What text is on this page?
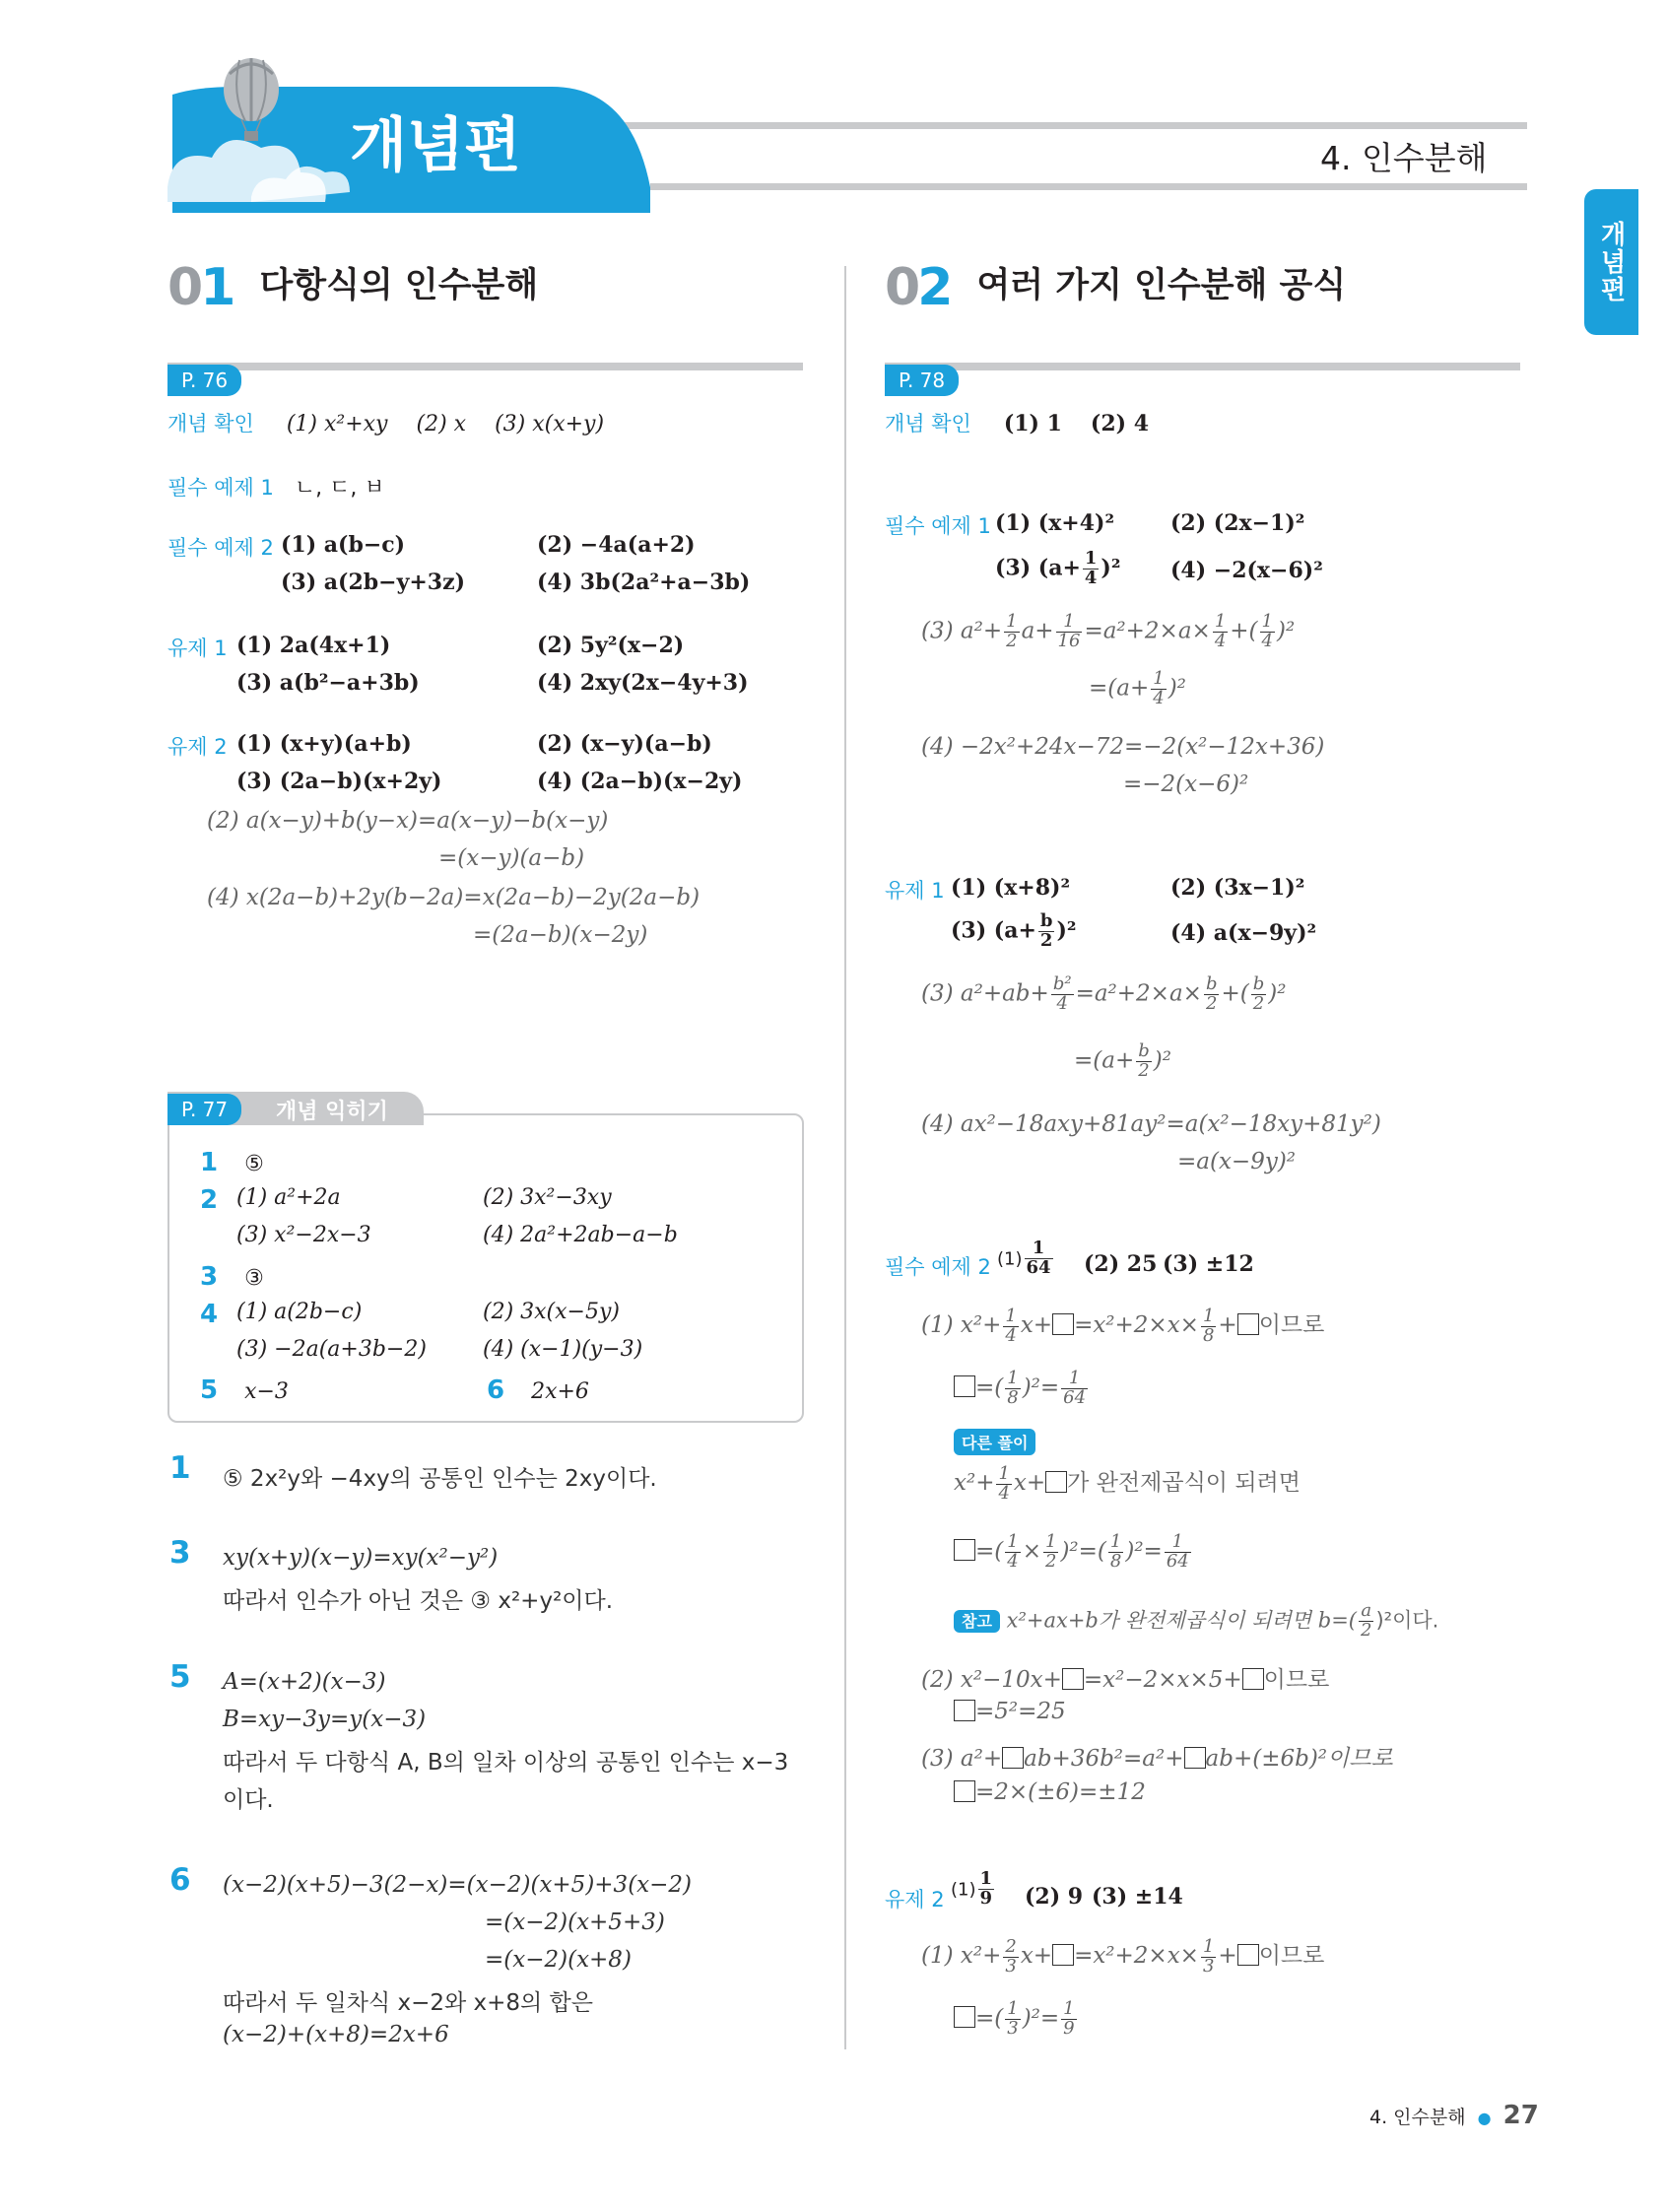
개념편	4. 인수분해
개념편
01 다항식의 인수분해
P. 76
개념 확인 (1) x²+xy (2) x (3) x(x+y)
필수 예제 1 ㄴ, ㄷ, ㅂ
필수 예제 2 (1) a(b−c)	(2) −4a(a+2)
(3) a(2b−y+3z)	(4) 3b(2a²+a−3b)
유제 1 (1) 2a(4x+1)	(2) 5y²(x−2)
(3) a(b²−a+3b)	(4) 2xy(2x−4y+3)
유제 2 (1) (x+y)(a+b)	(2) (x−y)(a−b)
(3) (2a−b)(x+2y)	(4) (2a−b)(x−2y)
(2) a(x−y)+b(y−x)=a(x−y)−b(x−y)
=(x−y)(a−b)
(4) x(2a−b)+2y(b−2a)=x(2a−b)−2y(2a−b)
=(2a−b)(x−2y)
P. 77	개념 익히기
1 ⑤
2 (1) a²+2a	(2) 3x²−3xy
(3) x²−2x−3	(4) 2a²+2ab−a−b
3 ③
4 (1) a(2b−c)	(2) 3x(x−5y)
(3) −2a(a+3b−2)	(4) (x−1)(y−3)
5 x−3	6 2x+6
1 ⑤ 2x²y와 −4xy의 공통인 인수는 2xy이다.
3 xy(x+y)(x−y)=xy(x²−y²)
따라서 인수가 아닌 것은 ③ x²+y²이다.
5 A=(x+2)(x−3)
B=xy−3y=y(x−3)
따라서 두 다항식 A, B의 일차 이상의 공통인 인수는 x−3
이다.
6 (x−2)(x+5)−3(2−x)=(x−2)(x+5)+3(x−2)
=(x−2)(x+5+3)
=(x−2)(x+8)
따라서 두 일차식 x−2와 x+8의 합은
(x−2)+(x+8)=2x+6
02 여러 가지 인수분해 공식
P. 78
개념 확인 (1) 1 (2) 4
필수 예제 1 (1) (x+4)²	(2) (2x−1)²
(3) $(a+ \frac{1}{4} )^2$ (4) −2(x−6)²
(3) $a^2+ \frac{1}{2} a+ \frac{1}{16} =a^2+2\times a\times \frac{1}{4}$ +( $\frac{1}{4} )^2$
$=(a+ \frac{1}{4} )^2$
(4) −2x²+24x−72=−2(x²−12x+36)
=−2(x−6)²
유제 1 (1) (x+8)²	(2) (3x−1)²
(3) $(a+ \frac{b}{2} )^2$	(4) a(x−9y)²
(3) $a^2+ab+ \frac{\text{b²}}{4} =a^2+2\times a\times \frac{b}{2}$ +( $\frac{b}{2} )^2$
$=(a+ \frac{b}{2} )^2$
(4) ax²−18axy+81ay²=a(x²−18xy+81y²)
=a(x−9y)²
필수 예제 2 $(1) \frac{1}{64} (2)$ 25 (3) ±12
(1) $x^2+ \frac{1}{4} x+ =x^2+2\times x\times \frac{1}{8}$ + 이므로
=( $\frac{1}{8} )^2= \frac{1}{64}$
다른 풀이
$x^2+ \frac{1}{4} x+$ 가 완전제곱식이 되려면
=( $\frac{1}{4} \times \frac{1}{2} )^2=( \frac{1}{8} )^2= \frac{1}{64}$
참고 x²+ax+b가 완전제곱식이 되려면 $b=( \frac{a}{2} )^2$이다.
(2) x²−10x+ =x²−2×x×5+ 이므로
=5²=25
(3) a²+ ab+36b²=a²+ ab+(±6b)²이므로
=2×(±6)=±12
유제 2 $(1) \frac{1}{9} (2)$ 9 (3) ±14
(1) $x^2+ \frac{2}{3} x+ =x^2+2\times x\times \frac{1}{3}$ + 이므로
=( $\frac{1}{3} )^2= \frac{1}{9}$
4. 인수분해 ● 27
